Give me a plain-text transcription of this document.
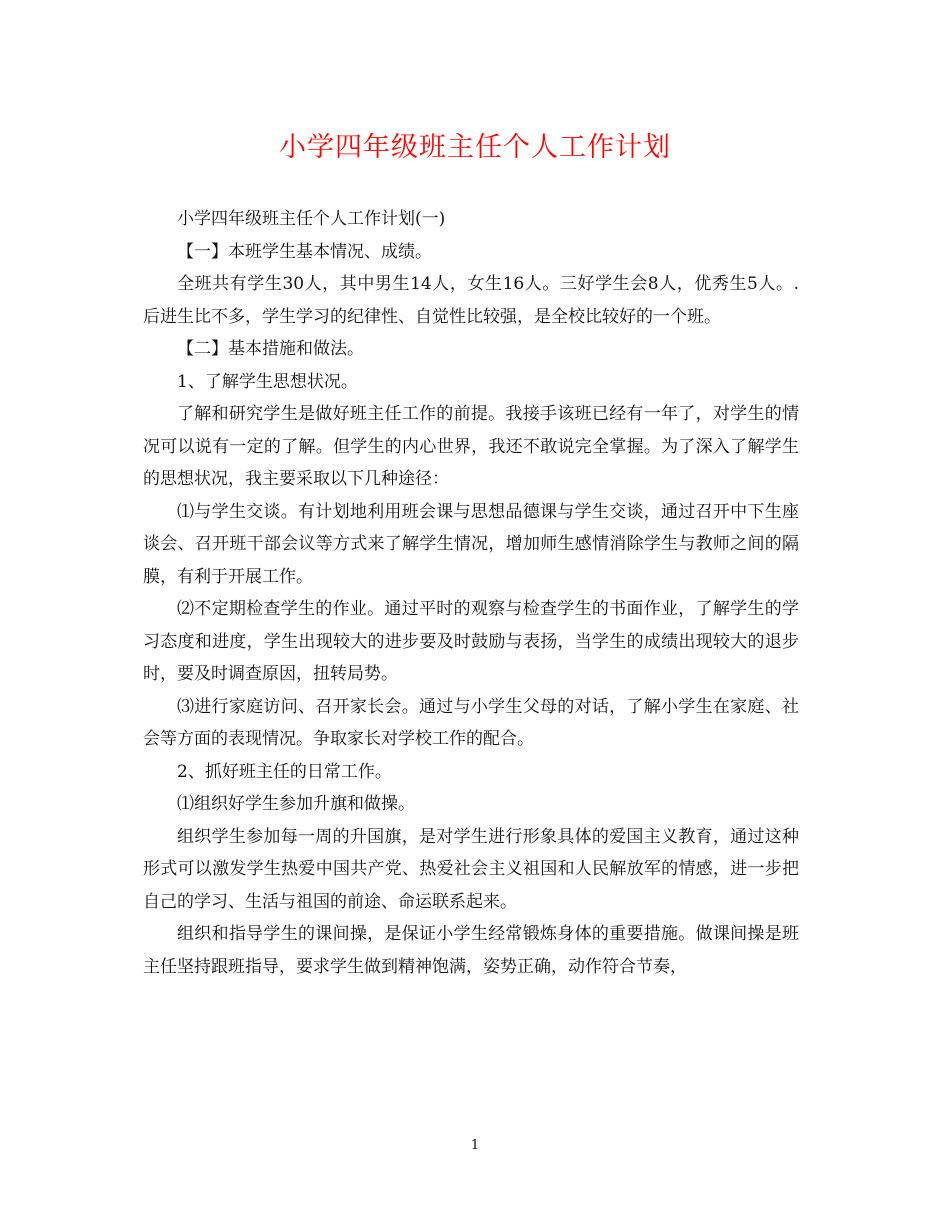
小学四年级班主任个人工作计划

小学四年级班主任个人工作计划(一)

【一】本班学生基本情况、成绩。

全班共有学生30人，其中男生14人，女生16人。三好学生会8人，优秀生5人。. 后进生比不多，学生学习的纪律性、自觉性比较强，是全校比较好的一个班。

【二】基本措施和做法。

1、了解学生思想状况。

了解和研究学生是做好班主任工作的前提。我接手该班已经有一年了，对学生的情况可以说有一定的了解。但学生的内心世界，我还不敢说完全掌握。为了深入了解学生的思想状况，我主要采取以下几种途径：

⑴与学生交谈。有计划地利用班会课与思想品德课与学生交谈，通过召开中下生座谈会、召开班干部会议等方式来了解学生情况，增加师生感情消除学生与教师之间的隔膜，有利于开展工作。

⑵不定期检查学生的作业。通过平时的观察与检查学生的书面作业，了解学生的学习态度和进度，学生出现较大的进步要及时鼓励与表扬，当学生的成绩出现较大的退步时，要及时调查原因，扭转局势。

⑶进行家庭访问、召开家长会。通过与小学生父母的对话，了解小学生在家庭、社会等方面的表现情况。争取家长对学校工作的配合。

2、抓好班主任的日常工作。

⑴组织好学生参加升旗和做操。

组织学生参加每一周的升国旗，是对学生进行形象具体的爱国主义教育，通过这种形式可以激发学生热爱中国共产党、热爱社会主义祖国和人民解放军的情感，进一步把自己的学习、生活与祖国的前途、命运联系起来。

组织和指导学生的课间操，是保证小学生经常锻炼身体的重要措施。做课间操是班主任坚持跟班指导，要求学生做到精神饱满，姿势正确，动作符合节奏，

1
